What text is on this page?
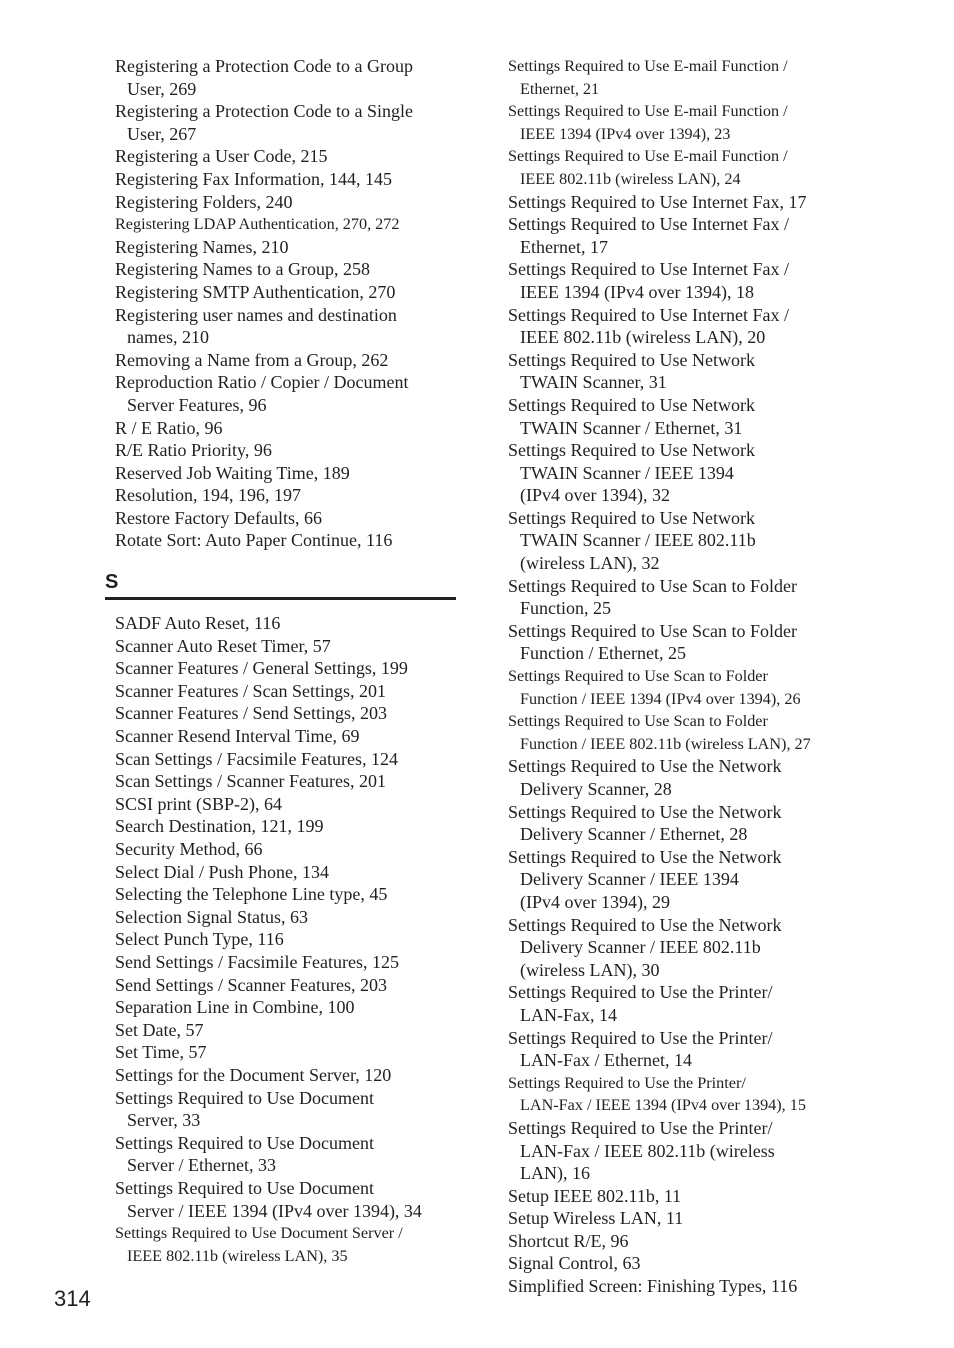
Registering a Protection Code to a Group
User, 269

Registering a Protection Code to a Single
User, 267

Registering a User Code, 215

Registering Fax Information, 144, 145

Registering Folders, 240

Registering LDAP Authentication, 270, 272

Registering Names, 210

Registering Names to a Group, 258

Registering SMTP Authentication, 270

Registering user names and destination
names, 210

Removing a Name from a Group, 262

Reproduction Ratio / Copier / Document
Server Features, 96

R / E Ratio, 96

R/E Ratio Priority, 96

Reserved Job Waiting Time, 189

Resolution, 194, 196, 197

Restore Factory Defaults, 66

Rotate Sort: Auto Paper Continue, 116

S

SADF Auto Reset, 116

Scanner Auto Reset Timer, 57

Scanner Features / General Settings, 199

Scanner Features / Scan Settings, 201

Scanner Features / Send Settings, 203

Scanner Resend Interval Time, 69

Scan Settings / Facsimile Features, 124

Scan Settings / Scanner Features, 201

SCSI print (SBP-2), 64

Search Destination, 121, 199

Security Method, 66

Select Dial / Push Phone, 134

Selecting the Telephone Line type, 45

Selection Signal Status, 63

Select Punch Type, 116

Send Settings / Facsimile Features, 125

Send Settings / Scanner Features, 203

Separation Line in Combine, 100

Set Date, 57

Set Time, 57

Settings for the Document Server, 120

Settings Required to Use Document
Server, 33

Settings Required to Use Document
Server / Ethernet, 33

Settings Required to Use Document
Server / IEEE 1394 (IPv4 over 1394), 34

Settings Required to Use Document Server /
IEEE 802.11b (wireless LAN), 35

Settings Required to Use E-mail Function /
Ethernet, 21

Settings Required to Use E-mail Function /
IEEE 1394 (IPv4 over 1394), 23

Settings Required to Use E-mail Function /
IEEE 802.11b (wireless LAN), 24

Settings Required to Use Internet Fax, 17

Settings Required to Use Internet Fax /
Ethernet, 17

Settings Required to Use Internet Fax /
IEEE 1394 (IPv4 over 1394), 18

Settings Required to Use Internet Fax /
IEEE 802.11b (wireless LAN), 20

Settings Required to Use Network
TWAIN Scanner, 31

Settings Required to Use Network
TWAIN Scanner / Ethernet, 31

Settings Required to Use Network
TWAIN Scanner / IEEE 1394
(IPv4 over 1394), 32

Settings Required to Use Network
TWAIN Scanner / IEEE 802.11b
(wireless LAN), 32

Settings Required to Use Scan to Folder
Function, 25

Settings Required to Use Scan to Folder
Function / Ethernet, 25

Settings Required to Use Scan to Folder
Function / IEEE 1394 (IPv4 over 1394), 26

Settings Required to Use Scan to Folder
Function / IEEE 802.11b (wireless LAN), 27

Settings Required to Use the Network
Delivery Scanner, 28

Settings Required to Use the Network
Delivery Scanner / Ethernet, 28

Settings Required to Use the Network
Delivery Scanner / IEEE 1394
(IPv4 over 1394), 29

Settings Required to Use the Network
Delivery Scanner / IEEE 802.11b
(wireless LAN), 30

Settings Required to Use the Printer/
LAN-Fax, 14

Settings Required to Use the Printer/
LAN-Fax / Ethernet, 14

Settings Required to Use the Printer/
LAN-Fax / IEEE 1394 (IPv4 over 1394), 15

Settings Required to Use the Printer/
LAN-Fax / IEEE 802.11b (wireless
LAN), 16

Setup IEEE 802.11b, 11

Setup Wireless LAN, 11

Shortcut R/E, 96

Signal Control, 63

Simplified Screen: Finishing Types, 116

314
